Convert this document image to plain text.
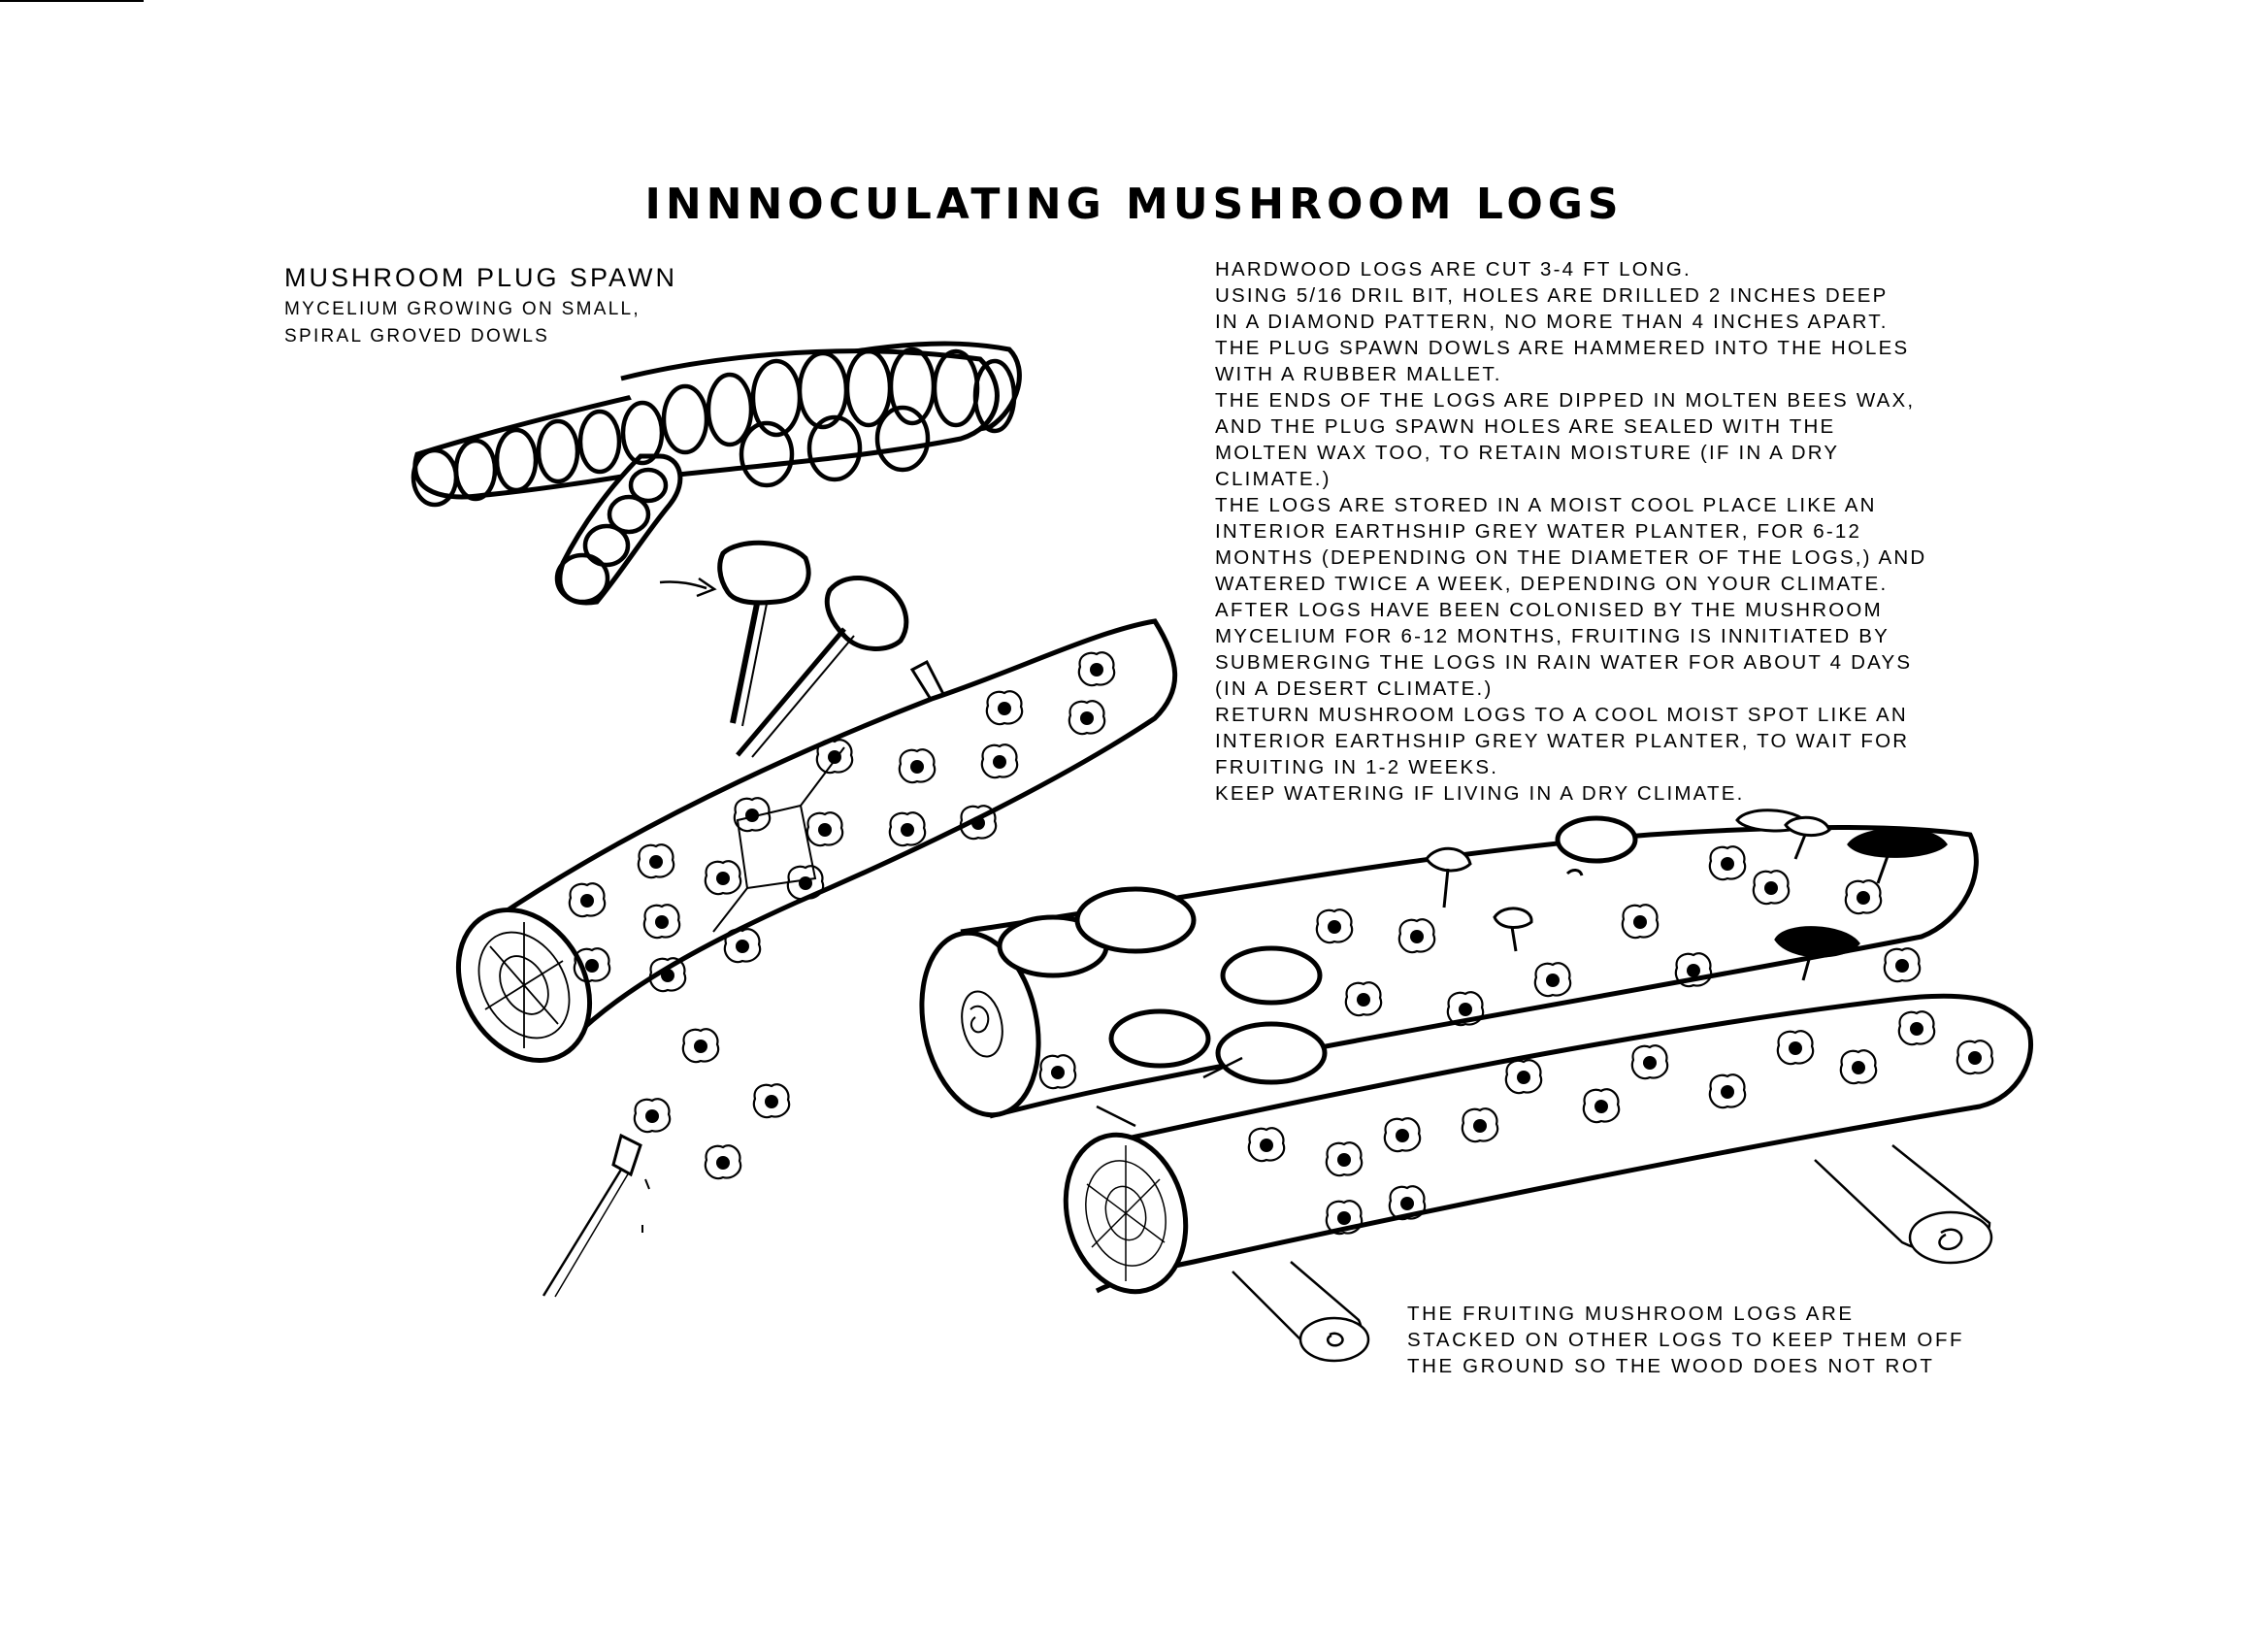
INNNOCULATING MUSHROOM LOGS
MUSHROOM PLUG SPAWN
MYCELIUM GROWING ON SMALL,
SPIRAL GROVED DOWLS
HARDWOOD LOGS ARE CUT 3-4 FT LONG.
USING 5/16 DRIL BIT, HOLES ARE DRILLED 2 INCHES DEEP
IN A DIAMOND PATTERN, NO MORE THAN 4 INCHES APART.
THE PLUG SPAWN DOWLS ARE HAMMERED INTO THE HOLES
WITH A RUBBER MALLET.
THE ENDS OF THE LOGS ARE DIPPED IN MOLTEN BEES WAX,
AND THE PLUG SPAWN HOLES ARE SEALED WITH THE
MOLTEN WAX TOO, TO RETAIN MOISTURE (IF IN A DRY
CLIMATE.)
THE LOGS ARE STORED IN A MOIST COOL PLACE LIKE AN
INTERIOR EARTHSHIP GREY WATER PLANTER, FOR 6-12
MONTHS (DEPENDING ON THE DIAMETER OF THE LOGS,) AND
WATERED TWICE A WEEK, DEPENDING ON YOUR CLIMATE.
AFTER LOGS HAVE BEEN COLONISED BY THE MUSHROOM
MYCELIUM FOR 6-12 MONTHS, FRUITING IS INNITIATED BY
SUBMERGING THE LOGS IN RAIN WATER FOR ABOUT 4 DAYS
(IN A DESERT CLIMATE.)
RETURN MUSHROOM LOGS TO A COOL MOIST SPOT LIKE AN
INTERIOR EARTHSHIP GREY WATER PLANTER, TO WAIT FOR
FRUITING IN 1-2 WEEKS.
KEEP WATERING IF LIVING IN A DRY CLIMATE.
THE FRUITING MUSHROOM LOGS ARE
STACKED ON OTHER LOGS TO KEEP THEM OFF
THE GROUND SO THE WOOD DOES NOT ROT
